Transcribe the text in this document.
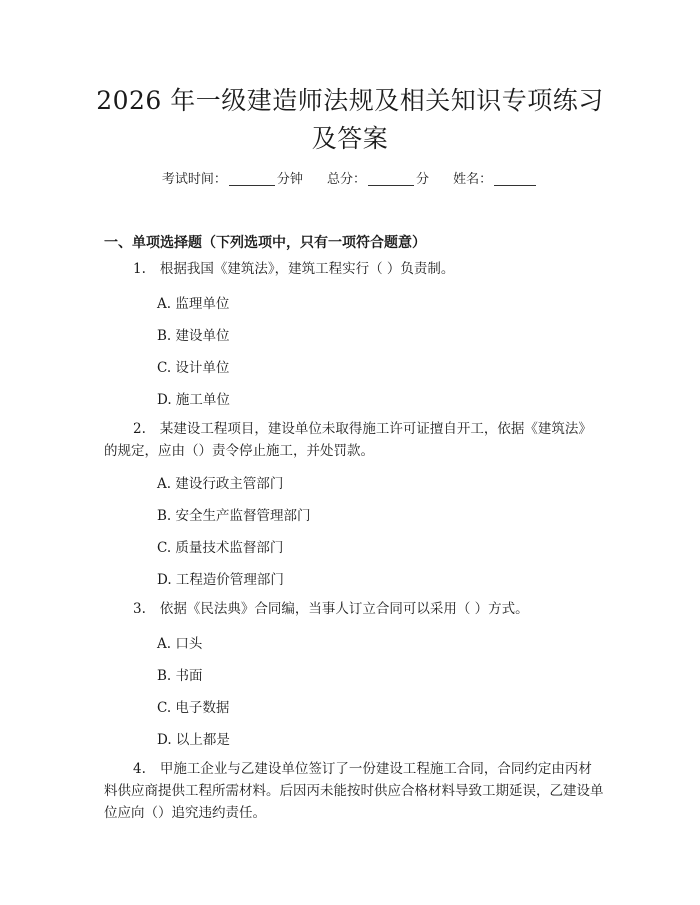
2026 年一级建造师法规及相关知识专项练习
及答案
考试时间：	分钟 总分：	分 姓名：
一、单项选择题（下列选项中，只有一项符合题意）
1. 根据我国《建筑法》，建筑工程实行（ ）负责制。
A. 监理单位
B. 建设单位
C. 设计单位
D. 施工单位
2. 某建设工程项目，建设单位未取得施工许可证擅自开工，依据《建筑法》的规定，应由（）责令停止施工，并处罚款。
A. 建设行政主管部门
B. 安全生产监督管理部门
C. 质量技术监督部门
D. 工程造价管理部门
3. 依据《民法典》合同编，当事人订立合同可以采用（ ）方式。
A. 口头
B. 书面
C. 电子数据
D. 以上都是
4. 甲施工企业与乙建设单位签订了一份建设工程施工合同，合同约定由丙材料供应商提供工程所需材料。后因丙未能按时供应合格材料导致工期延误，乙建设单位应向（）追究违约责任。
